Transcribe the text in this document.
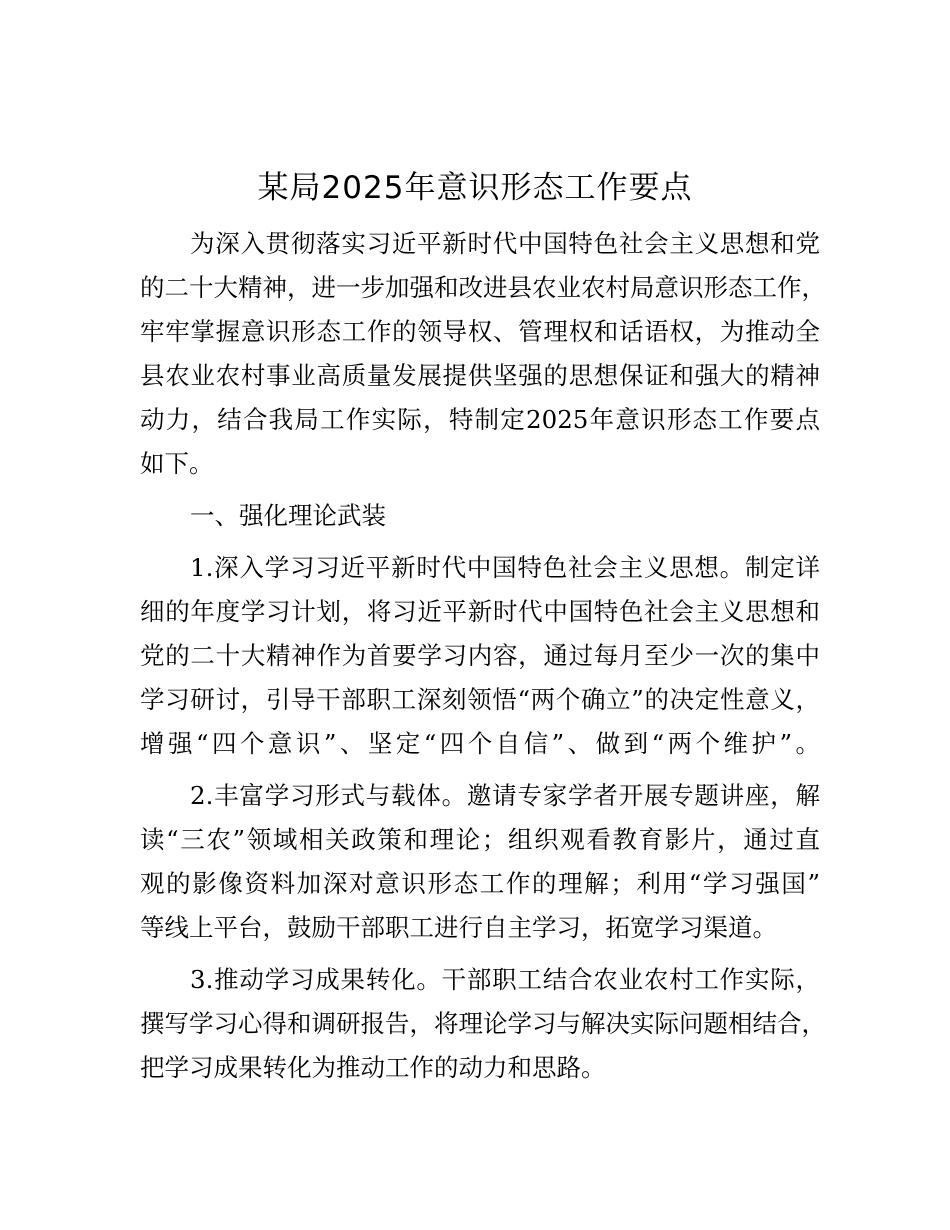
某局2025年意识形态工作要点
为深入贯彻落实习近平新时代中国特色社会主义思想和党
的二十大精神，进一步加强和改进县农业农村局意识形态工作，
牢牢掌握意识形态工作的领导权、管理权和话语权，为推动全
县农业农村事业高质量发展提供坚强的思想保证和强大的精神
动力，结合我局工作实际，特制定2025年意识形态工作要点
如下。
一、强化理论武装
1.深入学习习近平新时代中国特色社会主义思想。制定详
细的年度学习计划，将习近平新时代中国特色社会主义思想和
党的二十大精神作为首要学习内容，通过每月至少一次的集中
学习研讨，引导干部职工深刻领悟“两个确立”的决定性意义，
增强“四个意识”、坚定“四个自信”、做到“两个维护”。
2.丰富学习形式与载体。邀请专家学者开展专题讲座，解
读“三农”领域相关政策和理论；组织观看教育影片，通过直
观的影像资料加深对意识形态工作的理解；利用“学习强国”
等线上平台，鼓励干部职工进行自主学习，拓宽学习渠道。
3.推动学习成果转化。干部职工结合农业农村工作实际，
撰写学习心得和调研报告，将理论学习与解决实际问题相结合，
把学习成果转化为推动工作的动力和思路。
